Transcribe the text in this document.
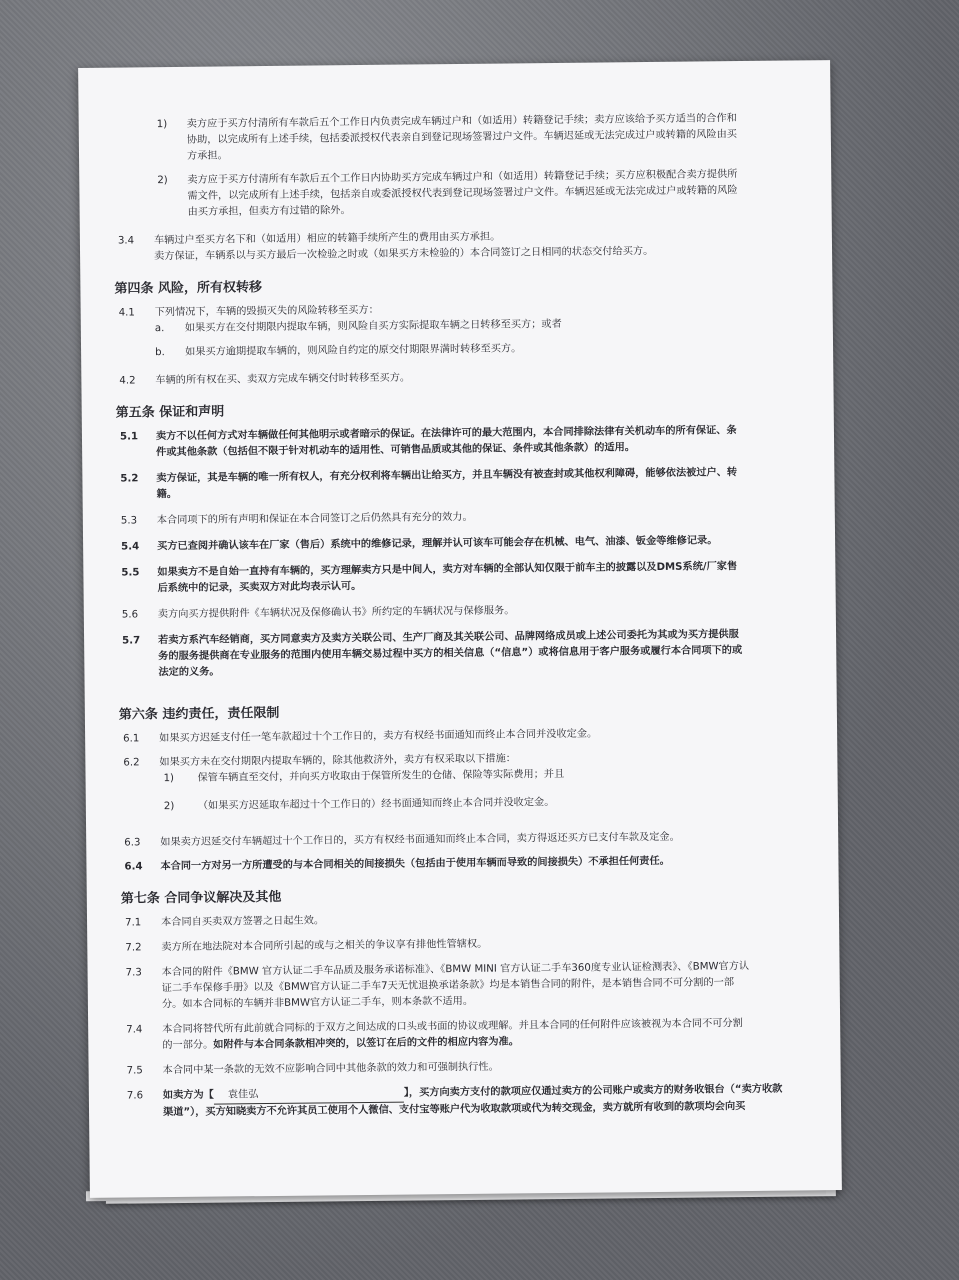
1)	卖方应于买方付清所有车款后五个工作日内负责完成车辆过户和（如适用）转籍登记手续；卖方应该给予买方适当的合作和
协助，以完成所有上述手续，包括委派授权代表亲自到登记现场签署过户文件。车辆迟延或无法完成过户或转籍的风险由买
方承担。
2)	卖方应于买方付清所有车款后五个工作日内协助买方完成车辆过户和（如适用）转籍登记手续；买方应积极配合卖方提供所
需文件，以完成所有上述手续，包括亲自或委派授权代表到登记现场签署过户文件。车辆迟延或无法完成过户或转籍的风险
由买方承担，但卖方有过错的除外。
3.4	车辆过户至买方名下和（如适用）相应的转籍手续所产生的费用由买方承担。
卖方保证，车辆系以与买方最后一次检验之时或（如果买方未检验的）本合同签订之日相同的状态交付给买方。
第四条 风险，所有权转移
4.1	下列情况下，车辆的毁损灭失的风险转移至买方：
a.	如果买方在交付期限内提取车辆，则风险自买方实际提取车辆之日转移至买方；或者
b.	如果买方逾期提取车辆的，则风险自约定的原交付期限界满时转移至买方。
4.2	车辆的所有权在买、卖双方完成车辆交付时转移至买方。
第五条 保证和声明
5.1	卖方不以任何方式对车辆做任何其他明示或者暗示的保证。在法律许可的最大范围内，本合同排除法律有关机动车的所有保证、条
件或其他条款（包括但不限于针对机动车的适用性、可销售品质或其他的保证、条件或其他条款）的适用。
5.2	卖方保证，其是车辆的唯一所有权人，有充分权利将车辆出让给买方，并且车辆没有被查封或其他权利障碍，能够依法被过户、转
籍。
5.3	本合同项下的所有声明和保证在本合同签订之后仍然具有充分的效力。
5.4	买方已查阅并确认该车在厂家（售后）系统中的维修记录，理解并认可该车可能会存在机械、电气、油漆、钣金等维修记录。
5.5	如果卖方不是自始一直持有车辆的，买方理解卖方只是中间人，卖方对车辆的全部认知仅限于前车主的披露以及DMS系统/厂家售
后系统中的记录，买卖双方对此均表示认可。
5.6	卖方向买方提供附件《车辆状况及保修确认书》所约定的车辆状况与保修服务。
5.7	若卖方系汽车经销商，买方同意卖方及卖方关联公司、生产厂商及其关联公司、品牌网络成员或上述公司委托为其或为买方提供服
务的服务提供商在专业服务的范围内使用车辆交易过程中买方的相关信息（“信息”）或将信息用于客户服务或履行本合同项下的或
法定的义务。
第六条 违约责任，责任限制
6.1	如果买方迟延支付任一笔车款超过十个工作日的，卖方有权经书面通知而终止本合同并没收定金。
6.2	如果买方未在交付期限内提取车辆的，除其他救济外，卖方有权采取以下措施：
1)	保管车辆直至交付，并向买方收取由于保管所发生的仓储、保险等实际费用；并且
2)	（如果买方迟延取车超过十个工作日的）经书面通知而终止本合同并没收定金。
6.3	如果卖方迟延交付车辆超过十个工作日的，买方有权经书面通知而终止本合同，卖方得返还买方已支付车款及定金。
6.4	本合同一方对另一方所遭受的与本合同相关的间接损失（包括由于使用车辆而导致的间接损失）不承担任何责任。
第七条 合同争议解决及其他
7.1	本合同自买卖双方签署之日起生效。
7.2	卖方所在地法院对本合同所引起的或与之相关的争议享有排他性管辖权。
7.3	本合同的附件《BMW 官方认证二手车品质及服务承诺标准》、《BMW MINI 官方认证二手车360度专业认证检测表》、《BMW官方认
证二手车保修手册》以及《BMW官方认证二手车7天无忧退换承诺条款》均是本销售合同的附件，是本销售合同不可分割的一部
分。如本合同标的车辆并非BMW官方认证二手车，则本条款不适用。
7.4	本合同将替代所有此前就合同标的于双方之间达成的口头或书面的协议或理解。并且本合同的任何附件应该被视为本合同不可分割
的一部分。如附件与本合同条款相冲突的，以签订在后的文件的相应内容为准。
7.5	本合同中某一条款的无效不应影响合同中其他条款的效力和可强制执行性。
7.6	如卖方为【 袁佳弘	】，买方向卖方支付的款项应仅通过卖方的公司账户或卖方的财务收银台（“卖方收款
渠道”），买方知晓卖方不允许其员工使用个人微信、支付宝等账户代为收取款项或代为转交现金，卖方就所有收到的款项均会向买
